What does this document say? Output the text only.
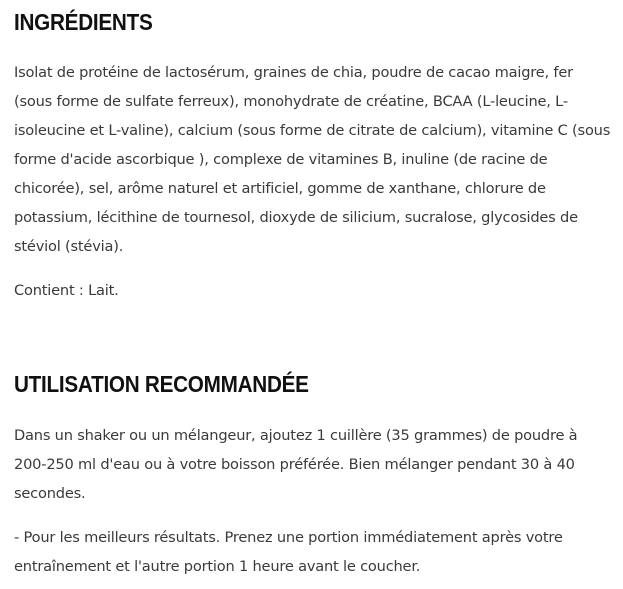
INGRÉDIENTS

Isolat de protéine de lactosérum, graines de chia, poudre de cacao maigre, fer (sous forme de sulfate ferreux), monohydrate de créatine, BCAA (L-leucine, L-isoleucine et L-valine), calcium (sous forme de citrate de calcium), vitamine C (sous forme d'acide ascorbique ), complexe de vitamines B, inuline (de racine de chicorée), sel, arôme naturel et artificiel, gomme de xanthane, chlorure de potassium, lécithine de tournesol, dioxyde de silicium, sucralose, glycosides de stéviol (stévia).

Contient : Lait.

UTILISATION RECOMMANDÉE

Dans un shaker ou un mélangeur, ajoutez 1 cuillère (35 grammes) de poudre à 200-250 ml d'eau ou à votre boisson préférée. Bien mélanger pendant 30 à 40 secondes.

- Pour les meilleurs résultats. Prenez une portion immédiatement après votre entraînement et l'autre portion 1 heure avant le coucher.
